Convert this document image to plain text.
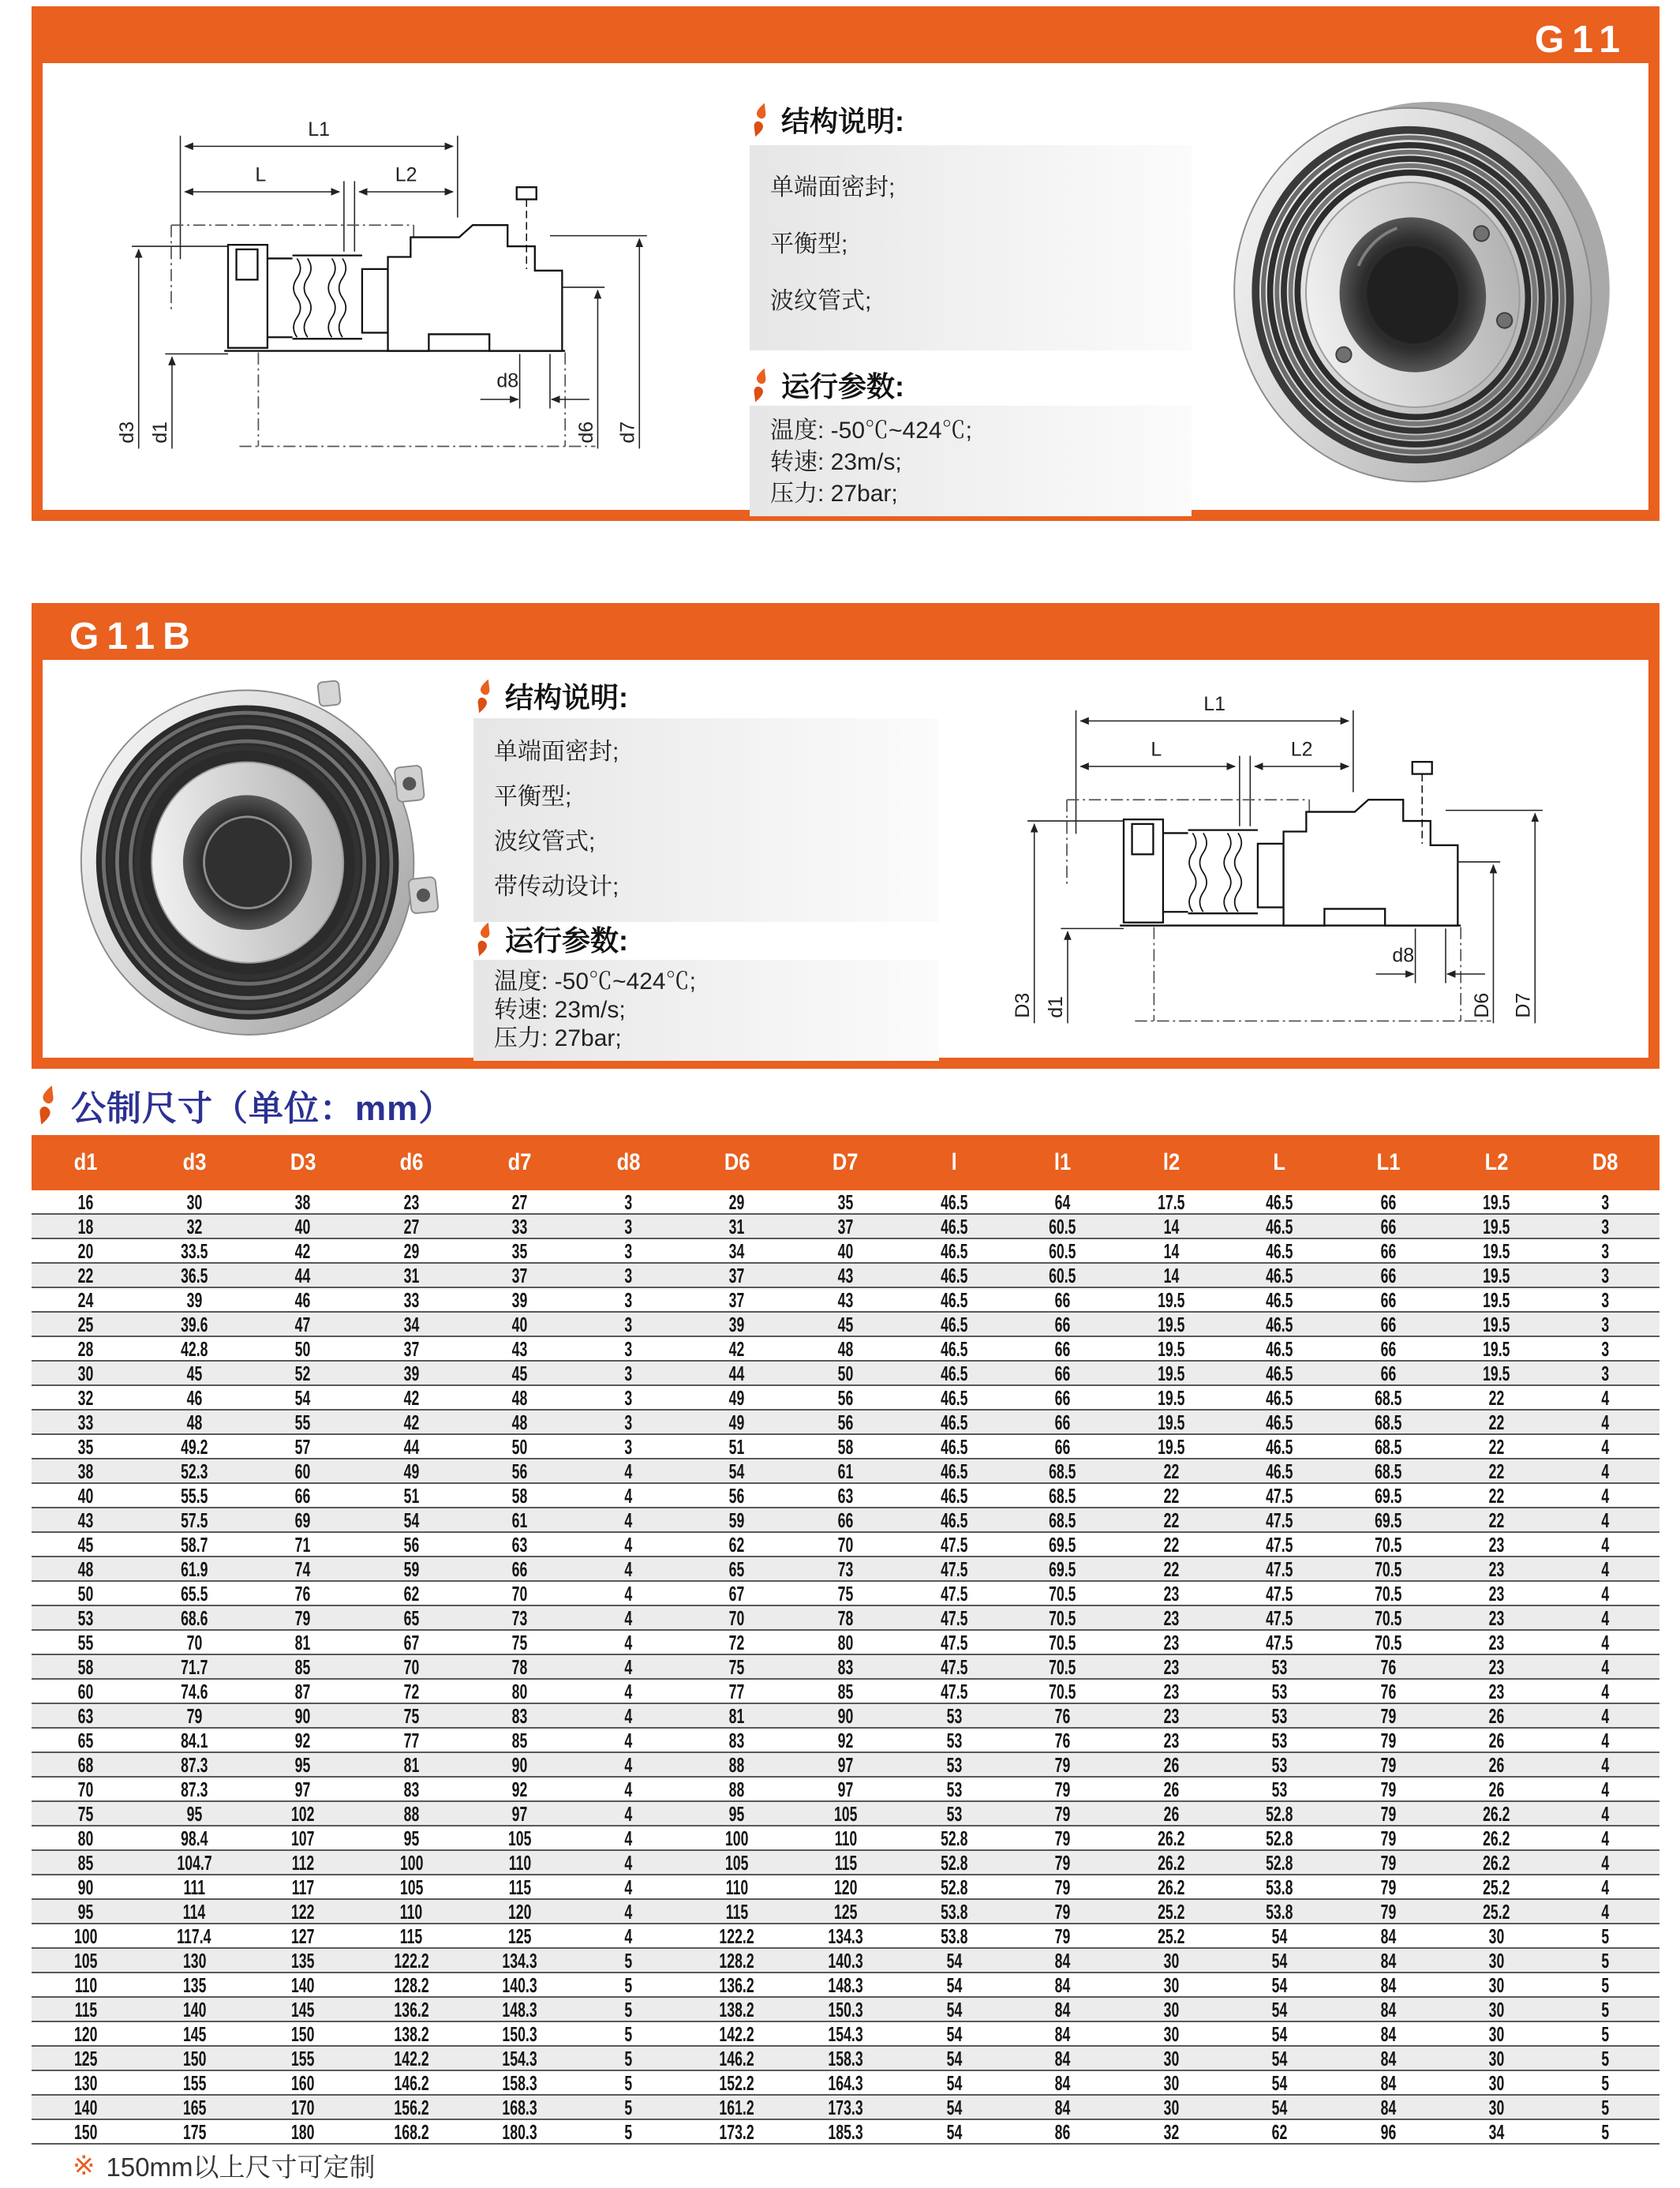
G11
L1
L	L2
d8
d3 d1	d6 d7
结构说明:
单端面密封;
平衡型;
波纹管式;
运行参数:
温度: -50℃~424℃;
转速: 23m/s;
压力: 27bar;
G11B
结构说明:
单端面密封;
平衡型;
波纹管式;
带传动设计;
运行参数:
温度: -50℃~424℃;
转速: 23m/s;
压力: 27bar;
L1
L	L2
d8
D3 d1	D6 D7
公制尺寸（单位：mm）
d1	d3	D3	d6	d7	d8	D6	D7	l	l1	l2	L	L1	L2	D8
16	30	38	23	27	3	29	35	46.5	64	17.5	46.5	66	19.5	3
18	32	40	27	33	3	31	37	46.5	60.5	14	46.5	66	19.5	3
20	33.5	42	29	35	3	34	40	46.5	60.5	14	46.5	66	19.5	3
22	36.5	44	31	37	3	37	43	46.5	60.5	14	46.5	66	19.5	3
24	39	46	33	39	3	37	43	46.5	66	19.5	46.5	66	19.5	3
25	39.6	47	34	40	3	39	45	46.5	66	19.5	46.5	66	19.5	3
28	42.8	50	37	43	3	42	48	46.5	66	19.5	46.5	66	19.5	3
30	45	52	39	45	3	44	50	46.5	66	19.5	46.5	66	19.5	3
32	46	54	42	48	3	49	56	46.5	66	19.5	46.5	68.5	22	4
33	48	55	42	48	3	49	56	46.5	66	19.5	46.5	68.5	22	4
35	49.2	57	44	50	3	51	58	46.5	66	19.5	46.5	68.5	22	4
38	52.3	60	49	56	4	54	61	46.5	68.5	22	46.5	68.5	22	4
40	55.5	66	51	58	4	56	63	46.5	68.5	22	47.5	69.5	22	4
43	57.5	69	54	61	4	59	66	46.5	68.5	22	47.5	69.5	22	4
45	58.7	71	56	63	4	62	70	47.5	69.5	22	47.5	70.5	23	4
48	61.9	74	59	66	4	65	73	47.5	69.5	22	47.5	70.5	23	4
50	65.5	76	62	70	4	67	75	47.5	70.5	23	47.5	70.5	23	4
53	68.6	79	65	73	4	70	78	47.5	70.5	23	47.5	70.5	23	4
55	70	81	67	75	4	72	80	47.5	70.5	23	47.5	70.5	23	4
58	71.7	85	70	78	4	75	83	47.5	70.5	23	53	76	23	4
60	74.6	87	72	80	4	77	85	47.5	70.5	23	53	76	23	4
63	79	90	75	83	4	81	90	53	76	23	53	79	26	4
65	84.1	92	77	85	4	83	92	53	76	23	53	79	26	4
68	87.3	95	81	90	4	88	97	53	79	26	53	79	26	4
70	87.3	97	83	92	4	88	97	53	79	26	53	79	26	4
75	95	102	88	97	4	95	105	53	79	26	52.8	79	26.2	4
80	98.4	107	95	105	4	100	110	52.8	79	26.2	52.8	79	26.2	4
85	104.7	112	100	110	4	105	115	52.8	79	26.2	52.8	79	26.2	4
90	111	117	105	115	4	110	120	52.8	79	26.2	53.8	79	25.2	4
95	114	122	110	120	4	115	125	53.8	79	25.2	53.8	79	25.2	4
100	117.4	127	115	125	4	122.2	134.3	53.8	79	25.2	54	84	30	5
105	130	135	122.2	134.3	5	128.2	140.3	54	84	30	54	84	30	5
110	135	140	128.2	140.3	5	136.2	148.3	54	84	30	54	84	30	5
115	140	145	136.2	148.3	5	138.2	150.3	54	84	30	54	84	30	5
120	145	150	138.2	150.3	5	142.2	154.3	54	84	30	54	84	30	5
125	150	155	142.2	154.3	5	146.2	158.3	54	84	30	54	84	30	5
130	155	160	146.2	158.3	5	152.2	164.3	54	84	30	54	84	30	5
140	165	170	156.2	168.3	5	161.2	173.3	54	84	30	54	84	30	5
150	175	180	168.2	180.3	5	173.2	185.3	54	86	32	62	96	34	5
※ 150mm以上尺寸可定制
